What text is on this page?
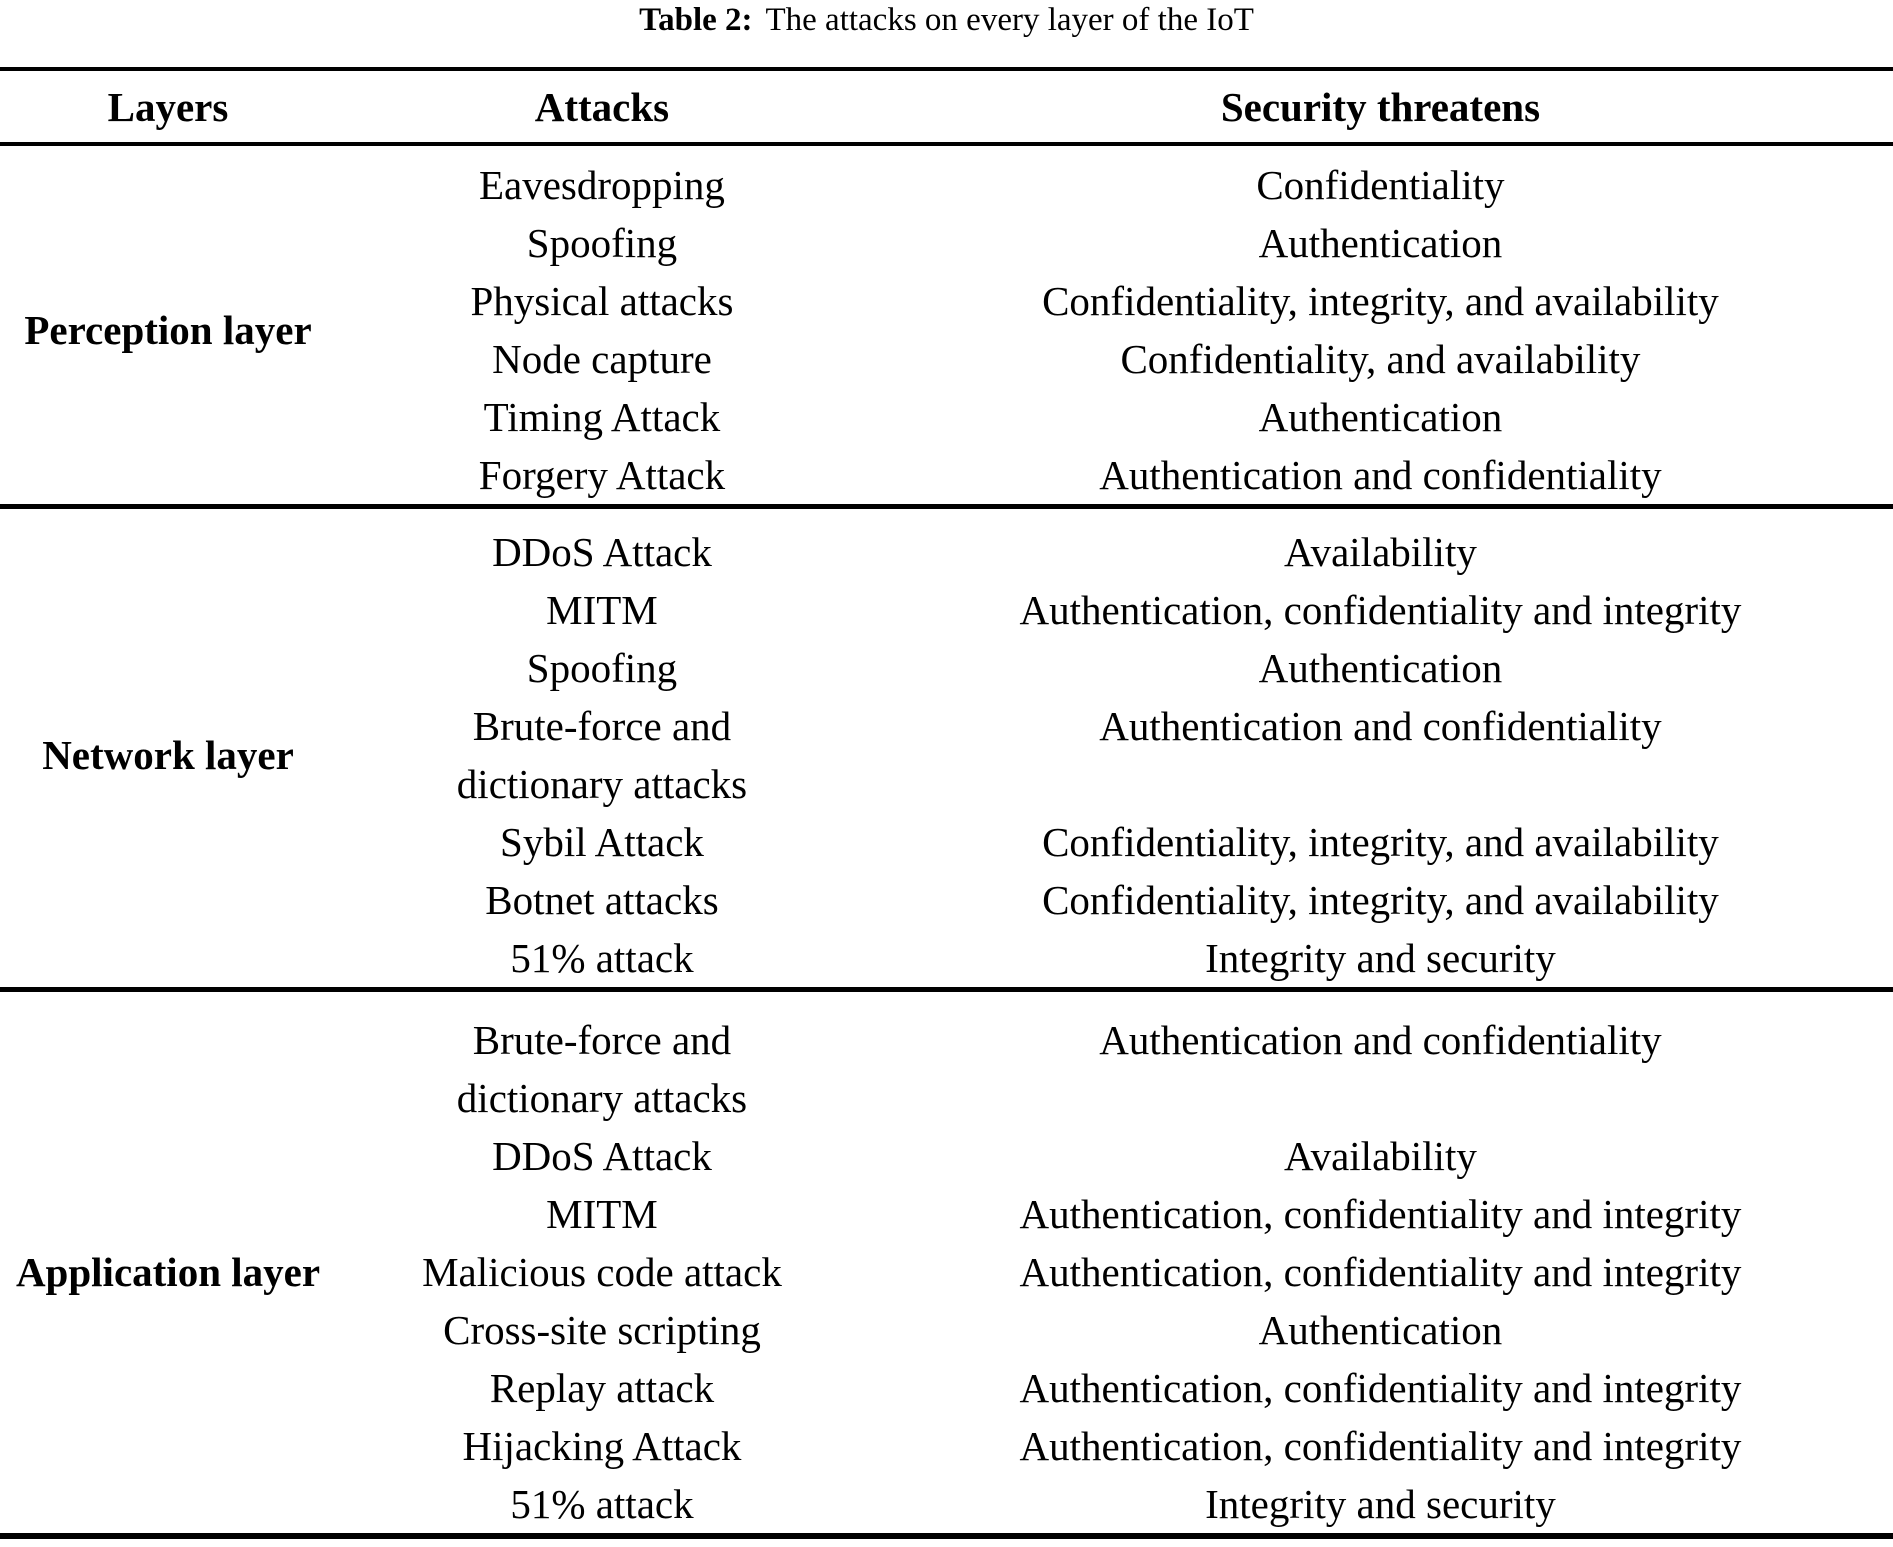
Table 2: The attacks on every layer of the IoT
Layers	Attacks	Security threatens
Perception layer
Eavesdropping
Spoofing
Physical attacks
Node capture
Timing Attack
Forgery Attack
Confidentiality
Authentication
Confidentiality, integrity, and availability
Confidentiality, and availability
Authentication
Authentication and confidentiality
Network layer
DDoS Attack
MITM
Spoofing
Brute-force and
dictionary attacks
Sybil Attack
Botnet attacks
51% attack
Availability
Authentication, confidentiality and integrity
Authentication
Authentication and confidentiality
Confidentiality, integrity, and availability
Confidentiality, integrity, and availability
Integrity and security
Application layer
Brute-force and
dictionary attacks
DDoS Attack
MITM
Malicious code attack
Cross-site scripting
Replay attack
Hijacking Attack
51% attack
Authentication and confidentiality
Availability
Authentication, confidentiality and integrity
Authentication, confidentiality and integrity
Authentication
Authentication, confidentiality and integrity
Authentication, confidentiality and integrity
Integrity and security
